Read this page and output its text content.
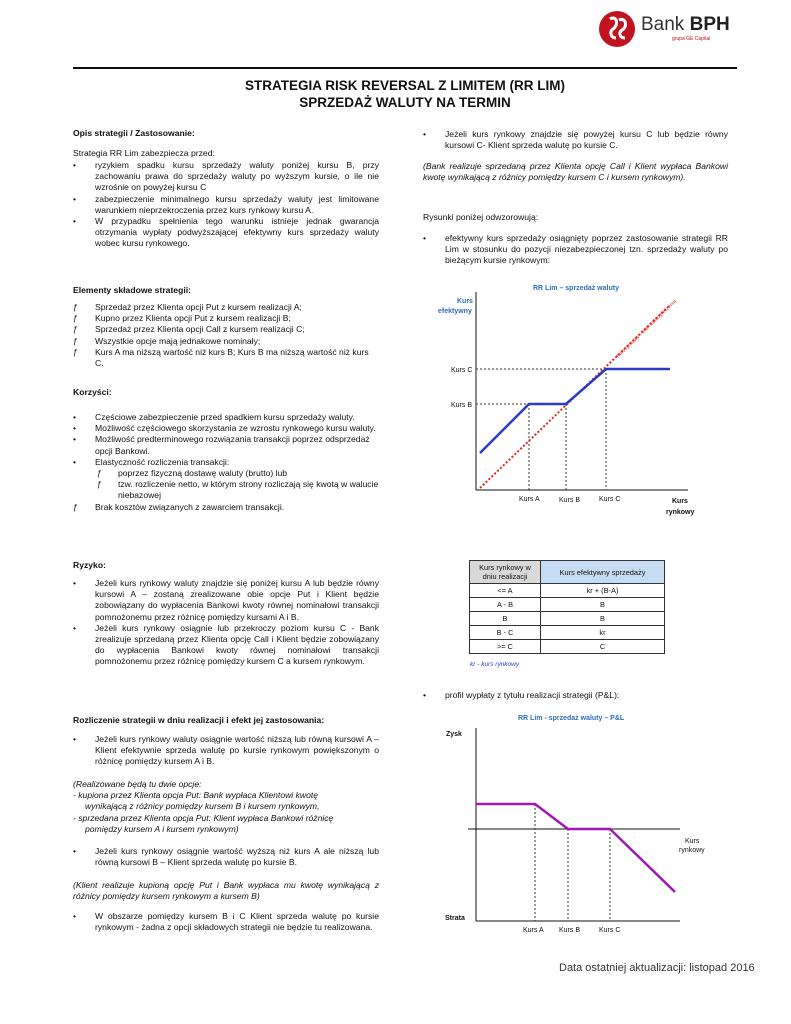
Bank BPH
grupa GE Capital
STRATEGIA RISK REVERSAL Z LIMITEM (RR LIM)
SPRZEDAŻ WALUTY NA TERMIN
Opis strategii / Zastosowanie:
Strategia RR Lim zabezpiecza przed:
• ryzykiem spadku kursu sprzedaży waluty poniżej kursu B, przy zachowaniu prawa do sprzedaży waluty po wyższym kursie, o ile nie wzrośnie on powyżej kursu C
• zabezpieczenie minimalnego kursu sprzedaży waluty jest limitowane warunkiem nieprzekroczenia przez kurs rynkowy kursu A.
• W przypadku spełnienia tego warunku istnieje jednak gwarancja otrzymania wypłaty podwyższającej efektywny kurs sprzedaży waluty wobec kursu rynkowego.
Elementy składowe strategii:
ƒ Sprzedaż przez Klienta opcji Put z kursem realizacji A;
ƒ Kupno przez Klienta opcji Put z kursem realizacji B;
ƒ Sprzedaż przez Klienta opcji Call z kursem realizacji C;
ƒ Wszystkie opcje mają jednakowe nominały;
ƒ Kurs A ma niższą wartość niż kurs B; Kurs B ma niższą wartość niż kurs C.
Korzyści:
• Częściowe zabezpieczenie przed spadkiem kursu sprzedaży waluty.
• Możliwość częściowego skorzystania ze wzrostu rynkowego kursu waluty.
• Możliwość predterminowego rozwiązania transakcji poprzez odsprzedaż opcji Bankowi.
• Elastyczność rozliczenia transakcji:
ƒ poprzez fizyczną dostawę waluty (brutto) lub
ƒ tzw. rozliczenie netto, w którym strony rozliczają się kwotą w walucie niebazowej
ƒ Brak kosztów związanych z zawarciem transakcji.
Ryzyko:
• Jeżeli kurs rynkowy waluty znajdzie się poniżej kursu A lub będzie równy kursowi A – zostaną zrealizowane obie opcje Put i Klient będzie zobowiązany do wypłacenia Bankowi kwoty równej nominałowi transakcji pomnożonemu przez różnicę pomiędzy kursami A i B.
• Jeżeli kurs rynkowy osiągnie lub przekroczy poziom kursu C - Bank zrealizuje sprzedaną przez Klienta opcję Call i Klient będzie zobowiązany do wypłacenia Bankowi kwoty równej nominałowi transakcji pomnożonemu przez różnicę pomiędzy kursem C a kursem rynkowym.
Rozliczenie strategii w dniu realizacji i efekt jej zastosowania:
• Jeżeli kurs rynkowy waluty osiągnie wartość niższą lub równą kursowi A – Klient efektywnie sprzeda walutę po kursie rynkowym powiększonym o różnicę pomiędzy kursem A i B.
(Realizowane będą tu dwie opcje:
- kupiona przez Klienta opcja Put: Bank wypłaca Klientowi kwotę
wynikającą z różnicy pomiędzy kursem B i kursem rynkowym,
- sprzedana przez Klienta opcja Put: Klient wypłaca Bankowi różnicę
pomiędzy kursem A i kursem rynkowym)
• Jeżeli kurs rynkowy osiągnie wartość wyższą niż kurs A ale niższą lub równą kursowi B – Klient sprzeda walutę po kursie B.
(Klient realizuje kupioną opcję Put i Bank wypłaca mu kwotę wynikającą z różnicy pomiędzy kursem rynkowym a kursem B)
• W obszarze pomiędzy kursem B i C Klient sprzeda walutę po kursie rynkowym - żadna z opcji składowych strategii nie będzie tu realizowana.
• Jeżeli kurs rynkowy znajdzie się powyżej kursu C lub będzie równy kursowi C- Klient sprzeda walutę po kursie C.
(Bank realizuje sprzedaną przez Klienta opcję Call i Klient wypłaca Bankowi kwotę wynikającą z różnicy pomiędzy kursem C i kursem rynkowym).
Rysunki poniżej odwzorowują:
• efektywny kurs sprzedaży osiągnięty poprzez zastosowanie strategii RR Lim w stosunku do pozycji niezabezpieczonej tzn. sprzedaży waluty po bieżącym kursie rynkowym:
RR Lim – sprzedaż waluty
Kurs
efektywny
Kurs C
Kurs B
Kurs A	Kurs B	Kurs C	Kurs
rynkowy
Kurs rynkowy – brak zabezpieczenia
Kurs rynkowy w dniu realizacji	Kurs efektywny sprzedaży
<= A	kr + (B-A)
A - B	B
B	B
B - C	kr
>= C	C
kr - kurs rynkowy
• profil wypłaty z tytułu realizacji strategii (P&L):
RR Lim - sprzedaż waluty – P&L
Zysk
Strata
Kurs A Kurs B	Kurs C
Kurs
rynkowy
Data ostatniej aktualizacji: listopad 2016
